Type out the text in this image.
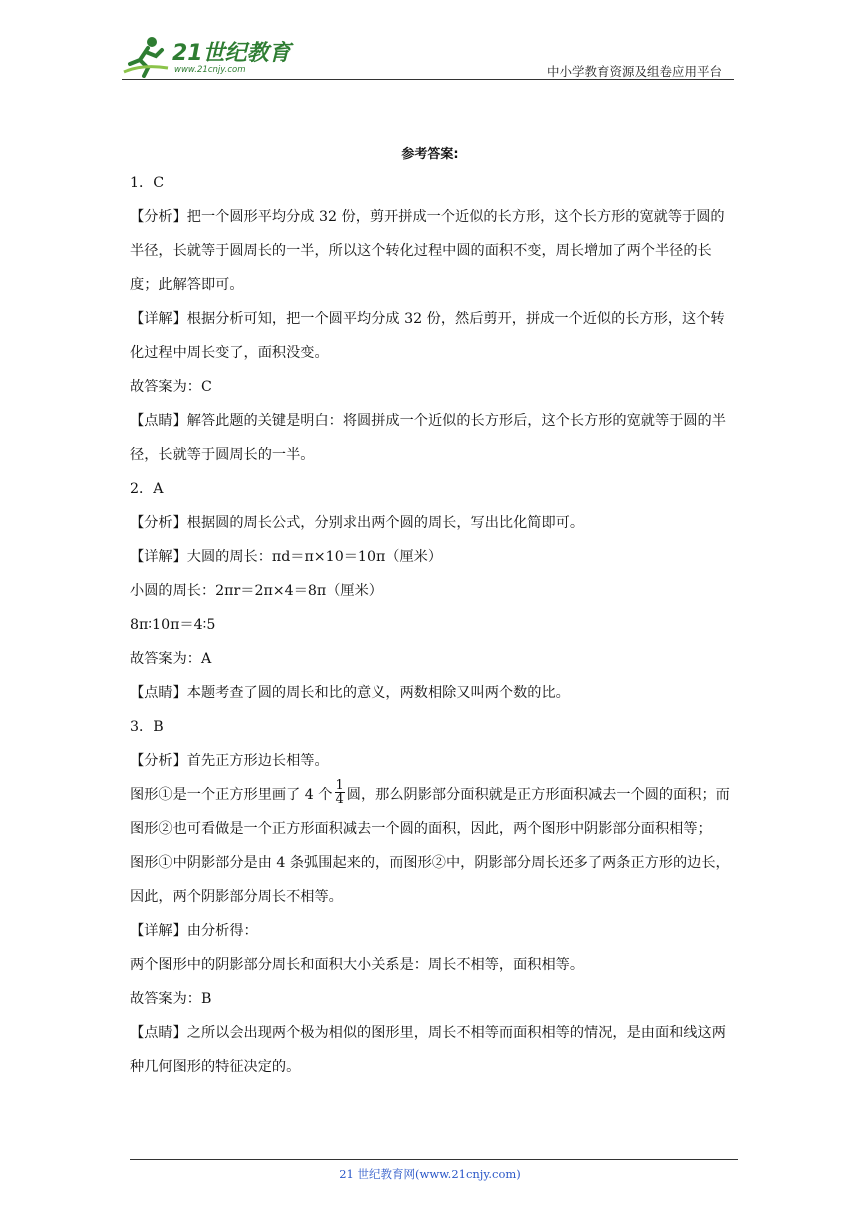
21世纪教育
www.21cnjy.com	中小学教育资源及组卷应用平台
参考答案:

1．C

【分析】把一个圆形平均分成 32 份，剪开拼成一个近似的长方形，这个长方形的宽就等于圆的半径，长就等于圆周长的一半，所以这个转化过程中圆的面积不变，周长增加了两个半径的长度；此解答即可。

【详解】根据分析可知，把一个圆平均分成 32 份，然后剪开，拼成一个近似的长方形，这个转化过程中周长变了，面积没变。

故答案为：C

【点睛】解答此题的关键是明白：将圆拼成一个近似的长方形后，这个长方形的宽就等于圆的半径，长就等于圆周长的一半。

2．A

【分析】根据圆的周长公式，分别求出两个圆的周长，写出比化简即可。

【详解】大圆的周长：πd＝π×10＝10π（厘米）

小圆的周长：2πr＝2π×4＝8π（厘米）

8π∶10π＝4∶5

故答案为：A

【点睛】本题考查了圆的周长和比的意义，两数相除又叫两个数的比。

3．B

【分析】首先正方形边长相等。

图形①是一个正方形里画了 4 个 $\frac{1}{4}$ 圆，那么阴影部分面积就是正方形面积减去一个圆的面积；而图形②也可看做是一个正方形面积减去一个圆的面积，因此，两个图形中阴影部分面积相等；

图形①中阴影部分是由 4 条弧围起来的，而图形②中，阴影部分周长还多了两条正方形的边长，因此，两个阴影部分周长不相等。

【详解】由分析得：

两个图形中的阴影部分周长和面积大小关系是：周长不相等，面积相等。

故答案为：B

【点睛】之所以会出现两个极为相似的图形里，周长不相等而面积相等的情况，是由面和线这两种几何图形的特征决定的。

21 世纪教育网(www.21cnjy.com)
